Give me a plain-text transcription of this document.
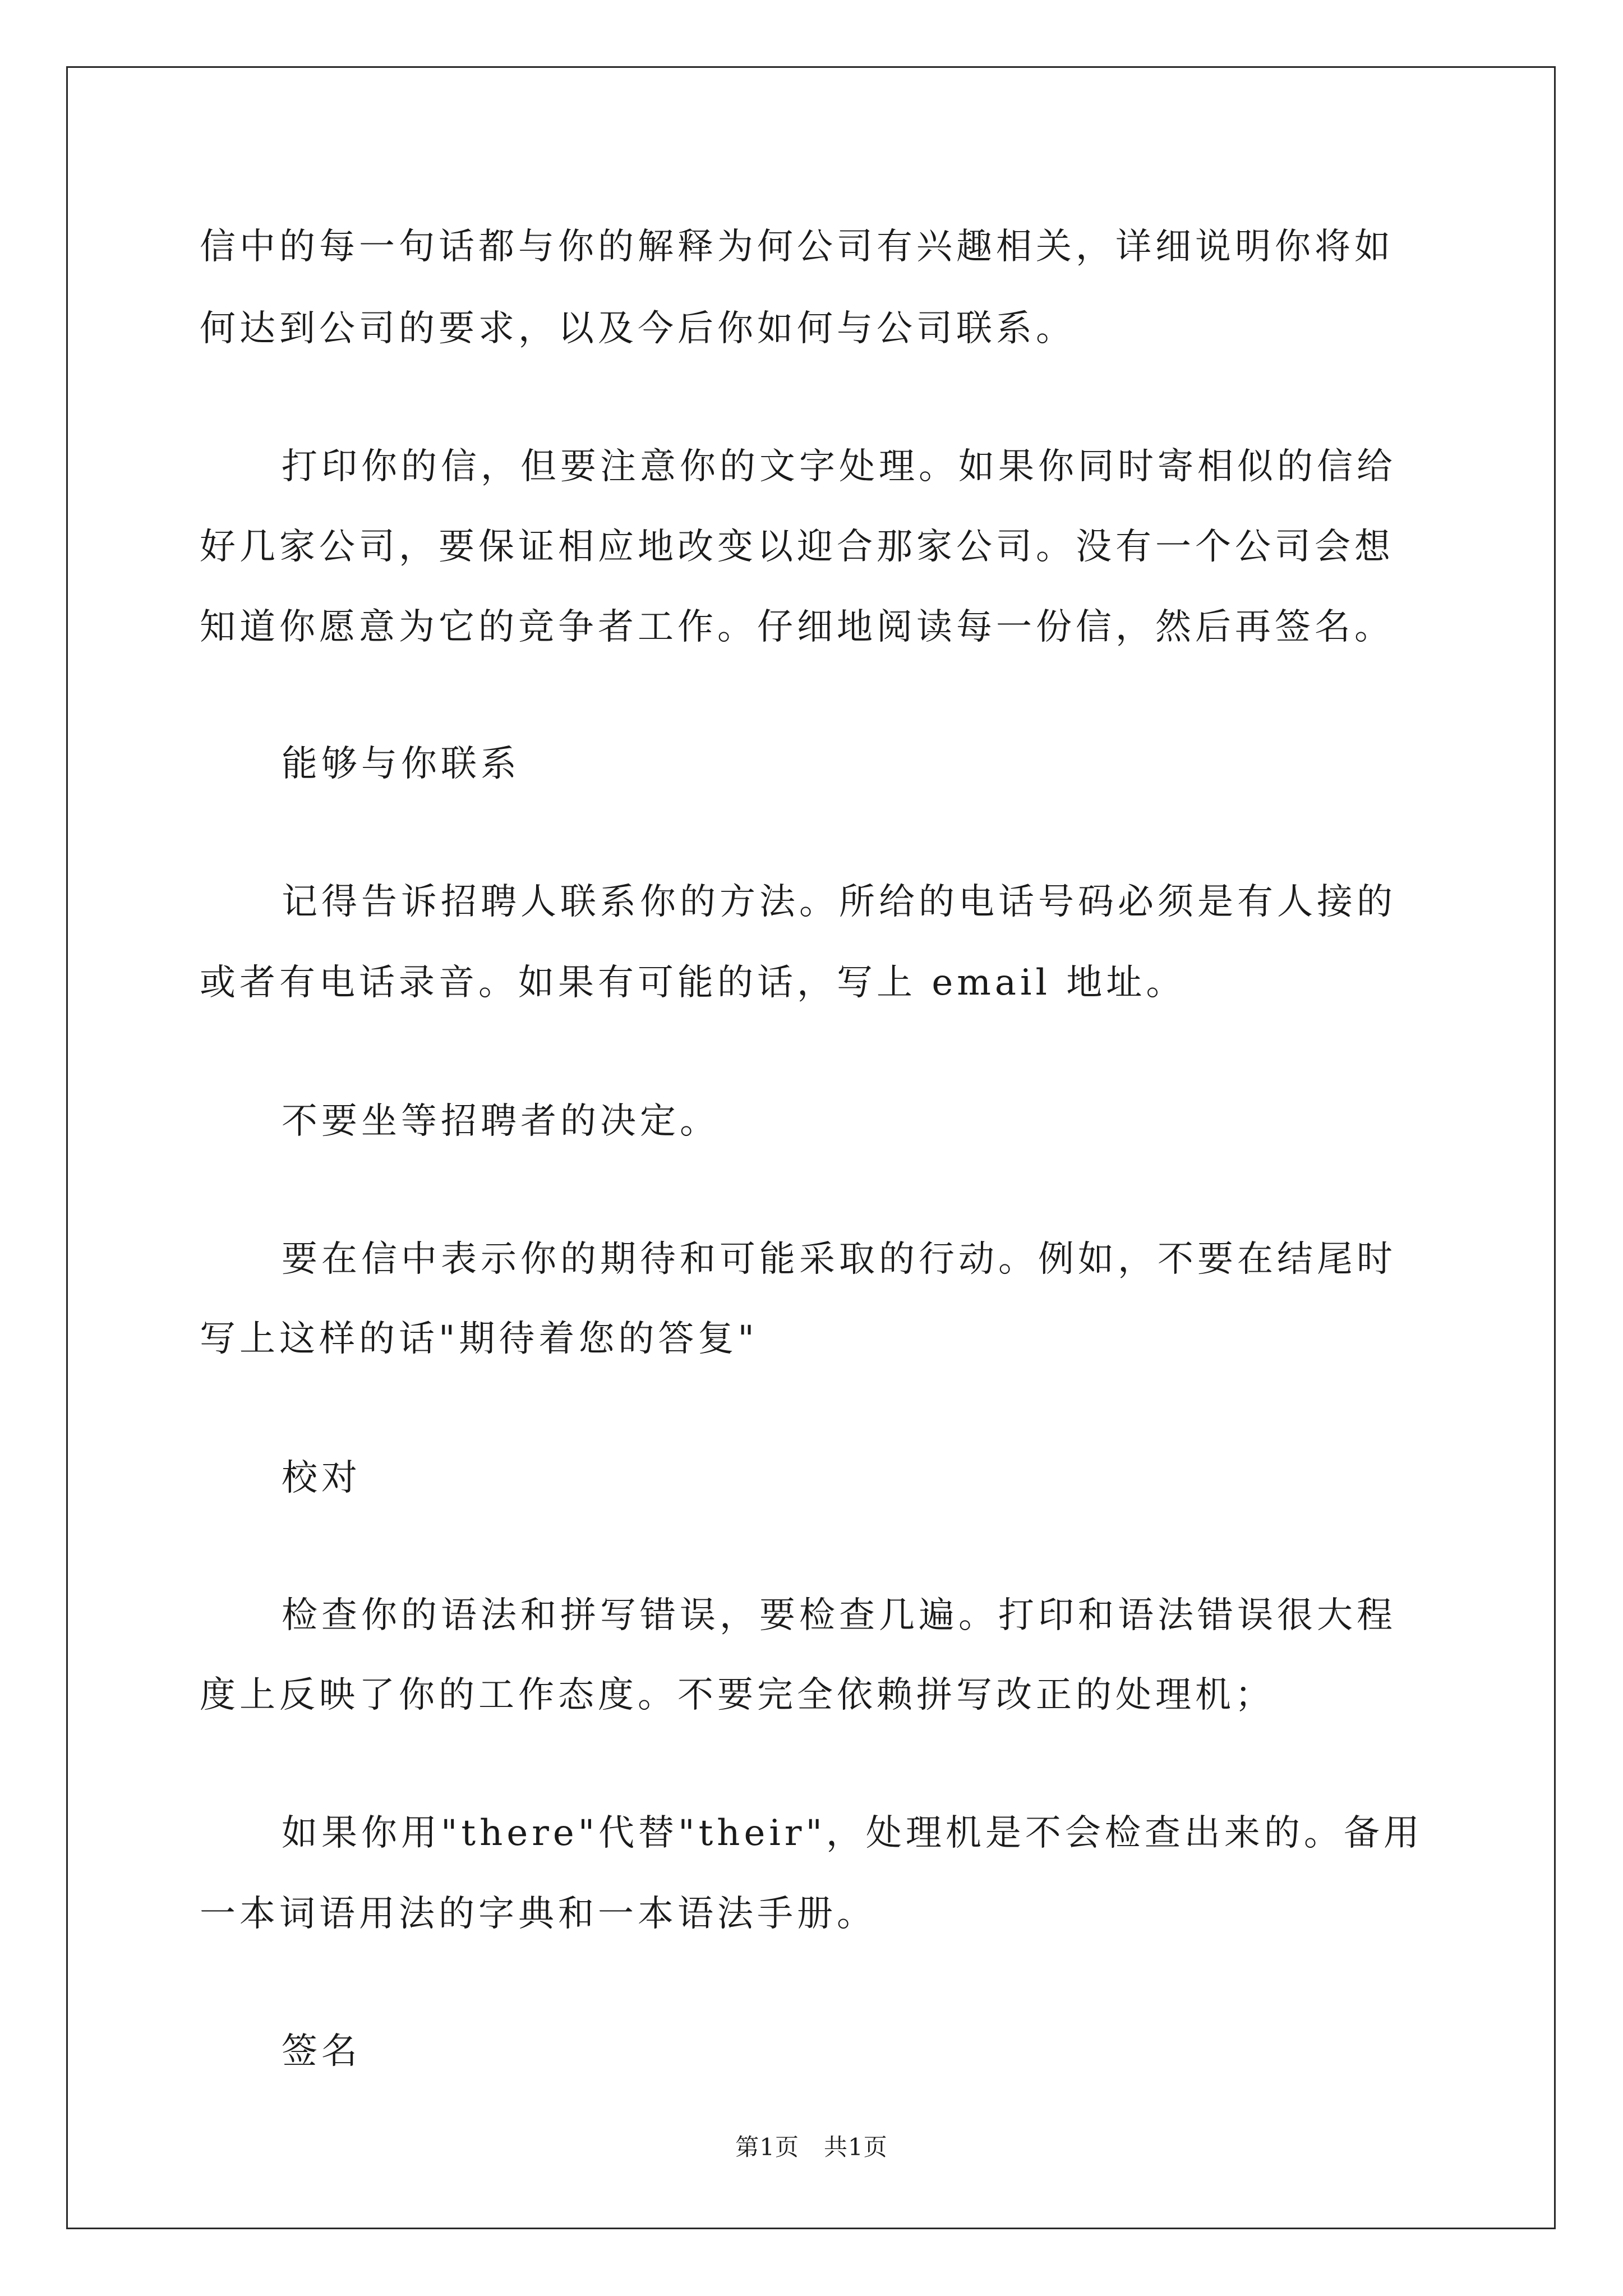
信中的每一句话都与你的解释为何公司有兴趣相关，详细说明你将如
何达到公司的要求，以及今后你如何与公司联系。
打印你的信，但要注意你的文字处理。如果你同时寄相似的信给
好几家公司，要保证相应地改变以迎合那家公司。没有一个公司会想
知道你愿意为它的竞争者工作。仔细地阅读每一份信，然后再签名。
能够与你联系
记得告诉招聘人联系你的方法。所给的电话号码必须是有人接的
或者有电话录音。如果有可能的话，写上 email 地址。
不要坐等招聘者的决定。
要在信中表示你的期待和可能采取的行动。例如，不要在结尾时
写上这样的话"期待着您的答复"
校对
检查你的语法和拼写错误，要检查几遍。打印和语法错误很大程
度上反映了你的工作态度。不要完全依赖拼写改正的处理机；
如果你用"there"代替"their"，处理机是不会检查出来的。备用
一本词语用法的字典和一本语法手册。
签名
第1页 共1页
